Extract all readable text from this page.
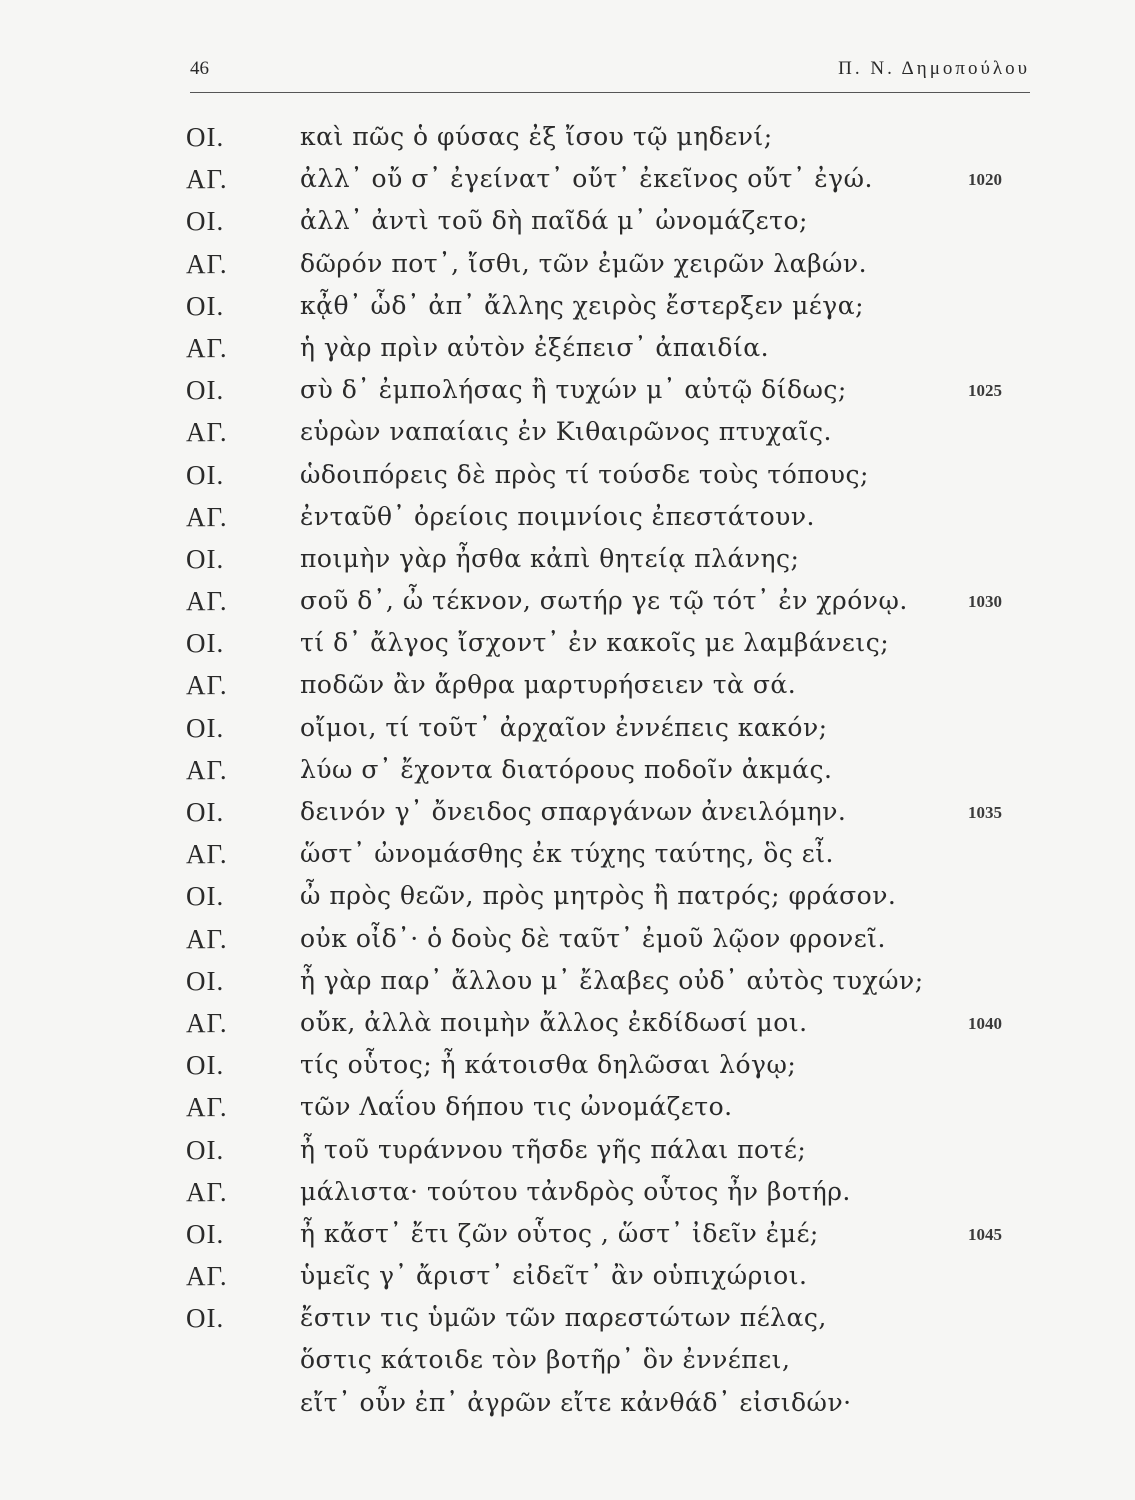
46	Π. Ν. Δημοπούλου
ΟΙ.	καὶ πῶς ὁ φύσας ἐξ ἴσου τῷ μηδενί;
ΑΓ.	ἀλλ᾽ οὔ σ᾽ ἐγείνατ᾽ οὔτ᾽ ἐκεῖνος οὔτ᾽ ἐγώ.	1020
ΟΙ.	ἀλλ᾽ ἀντὶ τοῦ δὴ παῖδά μ᾽ ὠνομάζετο;
ΑΓ.	δῶρόν ποτ᾽, ἴσθι, τῶν ἐμῶν χειρῶν λαβών.
ΟΙ.	κᾆθ᾽ ὧδ᾽ ἀπ᾽ ἄλλης χειρὸς ἔστερξεν μέγα;
ΑΓ.	ἡ γὰρ πρὶν αὐτὸν ἐξέπεισ᾽ ἀπαιδία.
ΟΙ.	σὺ δ᾽ ἐμπολήσας ἢ τυχών μ᾽ αὐτῷ δίδως;	1025
ΑΓ.	εὑρὼν ναπαίαις ἐν Κιθαιρῶνος πτυχαῖς.
ΟΙ.	ὡδοιπόρεις δὲ πρὸς τί τούσδε τοὺς τόπους;
ΑΓ.	ἐνταῦθ᾽ ὀρείοις ποιμνίοις ἐπεστάτουν.
ΟΙ.	ποιμὴν γὰρ ἦσθα κἀπὶ θητείᾳ πλάνης;
ΑΓ.	σοῦ δ᾽, ὦ τέκνον, σωτήρ γε τῷ τότ᾽ ἐν χρόνῳ.	1030
ΟΙ.	τί δ᾽ ἄλγος ἴσχοντ᾽ ἐν κακοῖς με λαμβάνεις;
ΑΓ.	ποδῶν ἂν ἄρθρα μαρτυρήσειεν τὰ σά.
ΟΙ.	οἴμοι, τί τοῦτ᾽ ἀρχαῖον ἐννέπεις κακόν;
ΑΓ.	λύω σ᾽ ἔχοντα διατόρους ποδοῖν ἀκμάς.
ΟΙ.	δεινόν γ᾽ ὄνειδος σπαργάνων ἀνειλόμην.	1035
ΑΓ.	ὥστ᾽ ὠνομάσθης ἐκ τύχης ταύτης, ὃς εἶ.
ΟΙ.	ὦ πρὸς θεῶν, πρὸς μητρὸς ἢ πατρός; φράσον.
ΑΓ.	οὐκ οἶδ᾽· ὁ δοὺς δὲ ταῦτ᾽ ἐμοῦ λῷον φρονεῖ.
ΟΙ.	ἦ γὰρ παρ᾽ ἄλλου μ᾽ ἔλαβες οὐδ᾽ αὐτὸς τυχών;
ΑΓ.	οὔκ, ἀλλὰ ποιμὴν ἄλλος ἐκδίδωσί μοι.	1040
ΟΙ.	τίς οὗτος; ἦ κάτοισθα δηλῶσαι λόγῳ;
ΑΓ.	τῶν Λαΐου δήπου τις ὠνομάζετο.
ΟΙ.	ἦ τοῦ τυράννου τῆσδε γῆς πάλαι ποτέ;
ΑΓ.	μάλιστα· τούτου τἀνδρὸς οὗτος ἦν βοτήρ.
ΟΙ.	ἦ κἄστ᾽ ἔτι ζῶν οὗτος , ὥστ᾽ ἰδεῖν ἐμέ;	1045
ΑΓ.	ὑμεῖς γ᾽ ἄριστ᾽ εἰδεῖτ᾽ ἂν οὑπιχώριοι.
ΟΙ.	ἔστιν τις ὑμῶν τῶν παρεστώτων πέλας,
ὅστις κάτοιδε τὸν βοτῆρ᾽ ὃν ἐννέπει,
εἴτ᾽ οὖν ἐπ᾽ ἀγρῶν εἴτε κἀνθάδ᾽ εἰσιδών·
